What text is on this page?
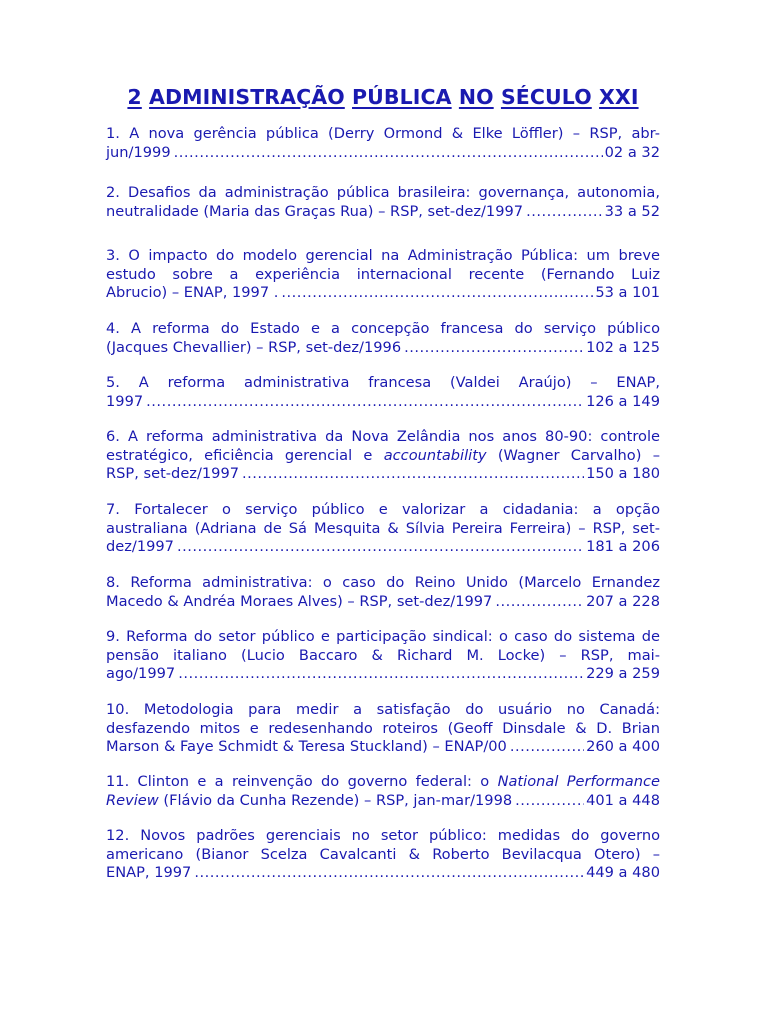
2 ADMINISTRAÇÃO PÚBLICA NO SÉCULO XXI
1. A nova gerência pública (Derry Ormond & Elke Löffler) – RSP, abr-
jun/1999 .....	02 a 32
2. Desafios da administração pública brasileira: governança, autonomia,
neutralidade (Maria das Graças Rua) – RSP, set-dez/1997 .....	33 a 52
3. O impacto do modelo gerencial na Administração Pública: um breve
estudo sobre a experiência internacional recente (Fernando Luiz
Abrucio) – ENAP, 1997 . .....	53 a 101
4. A reforma do Estado e a concepção francesa do serviço público
(Jacques Chevallier) – RSP, set-dez/1996 .....	102 a 125
5. A reforma administrativa francesa (Valdei Araújo) – ENAP,
1997 .....	126 a 149
6. A reforma administrativa da Nova Zelândia nos anos 80-90: controle
estratégico, eficiência gerencial e accountability (Wagner Carvalho) –
RSP, set-dez/1997 .....	150 a 180
7. Fortalecer o serviço público e valorizar a cidadania: a opção
australiana (Adriana de Sá Mesquita & Sílvia Pereira Ferreira) – RSP, set-
dez/1997 .....	181 a 206
8. Reforma administrativa: o caso do Reino Unido (Marcelo Ernandez
Macedo & Andréa Moraes Alves) – RSP, set-dez/1997 .....	207 a 228
9. Reforma do setor público e participação sindical: o caso do sistema de
pensão italiano (Lucio Baccaro & Richard M. Locke) – RSP, mai-
ago/1997 .....	229 a 259
10. Metodologia para medir a satisfação do usuário no Canadá:
desfazendo mitos e redesenhando roteiros (Geoff Dinsdale & D. Brian
Marson & Faye Schmidt & Teresa Stuckland) – ENAP/00 .....	260 a 400
11. Clinton e a reinvenção do governo federal: o National Performance
Review (Flávio da Cunha Rezende) – RSP, jan-mar/1998 .....	401 a 448
12. Novos padrões gerenciais no setor público: medidas do governo
americano (Bianor Scelza Cavalcanti & Roberto Bevilacqua Otero) –
ENAP, 1997 .....	449 a 480
